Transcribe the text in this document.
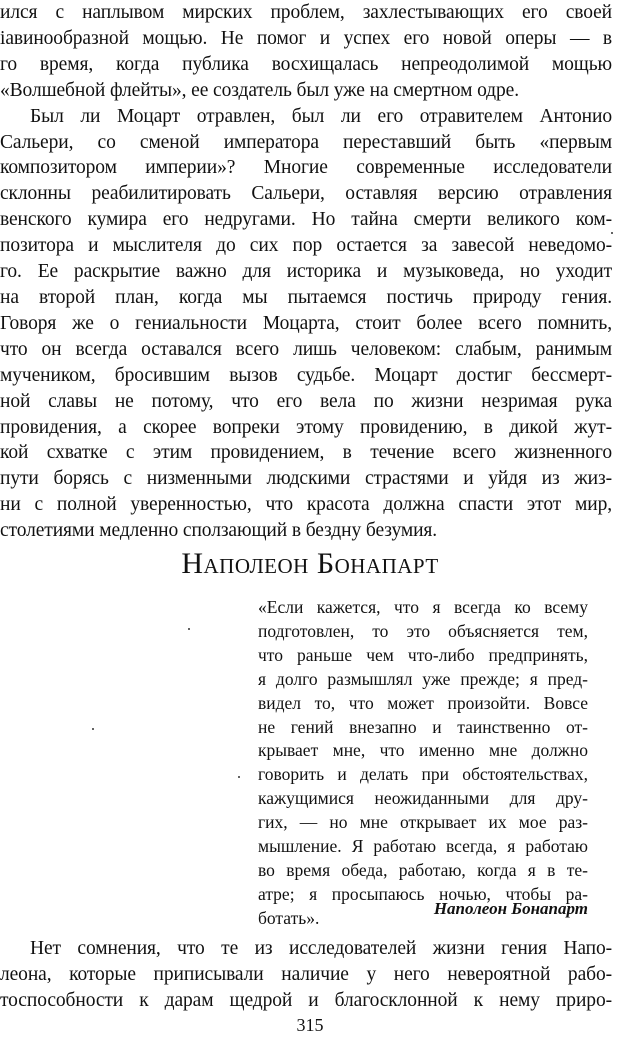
ился с наплывом мирских проблем, захлестывающих его своей
іавинообразной мощью. Не помог и успех его новой оперы — в
го время, когда публика восхищалась непреодолимой мощью
«Волшебной флейты», ее создатель был уже на смертном одре.
Был ли Моцарт отравлен, был ли его отравителем Антонио
Сальери, со сменой императора переставший быть «первым
композитором империи»? Многие современные исследователи
склонны реабилитировать Сальери, оставляя версию отравления
венского кумира его недругами. Но тайна смерти великого ком-
позитора и мыслителя до сих пор остается за завесой неведомо-
го. Ее раскрытие важно для историка и музыковеда, но уходит
на второй план, когда мы пытаемся постичь природу гения.
Говоря же о гениальности Моцарта, стоит более всего помнить,
что он всегда оставался всего лишь человеком: слабым, ранимым
мучеником, бросившим вызов судьбе. Моцарт достиг бессмерт-
ной славы не потому, что его вела по жизни незримая рука
провидения, а скорее вопреки этому провидению, в дикой жут-
кой схватке с этим провидением, в течение всего жизненного
пути борясь с низменными людскими страстями и уйдя из жиз-
ни с полной уверенностью, что красота должна спасти этот мир,
столетиями медленно сползающий в бездну безумия.
Наполеон Бонапарт
«Если кажется, что я всегда ко всему
подготовлен, то это объясняется тем,
что раньше чем что-либо предпринять,
я долго размышлял уже прежде; я пред-
видел то, что может произойти. Вовсе
не гений внезапно и таинственно от-
крывает мне, что именно мне должно
говорить и делать при обстоятельствах,
кажущимися неожиданными для дру-
гих, — но мне открывает их мое раз-
мышление. Я работаю всегда, я работаю
во время обеда, работаю, когда я в те-
атре; я просыпаюсь ночью, чтобы ра-
ботать».	Наполеон Бонапарт
Нет сомнения, что те из исследователей жизни гения Напо-
леона, которые приписывали наличие у него невероятной рабо-
тоспособности к дарам щедрой и благосклонной к нему приро-
315
